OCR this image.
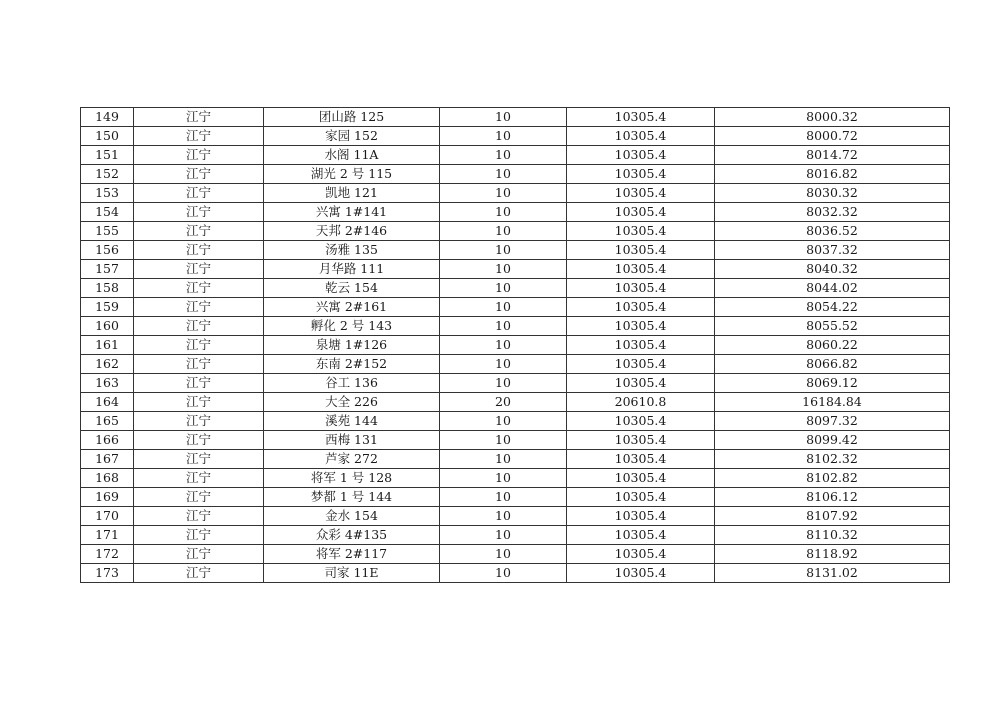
149	江宁	团山路 125	10	10305.4	8000.32
150	江宁	家园 152	10	10305.4	8000.72
151	江宁	水阁 11A	10	10305.4	8014.72
152	江宁	湖光 2 号 115	10	10305.4	8016.82
153	江宁	凯地 121	10	10305.4	8030.32
154	江宁	兴寓 1#141	10	10305.4	8032.32
155	江宁	天邦 2#146	10	10305.4	8036.52
156	江宁	汤雅 135	10	10305.4	8037.32
157	江宁	月华路 111	10	10305.4	8040.32
158	江宁	乾云 154	10	10305.4	8044.02
159	江宁	兴寓 2#161	10	10305.4	8054.22
160	江宁	孵化 2 号 143	10	10305.4	8055.52
161	江宁	泉塘 1#126	10	10305.4	8060.22
162	江宁	东南 2#152	10	10305.4	8066.82
163	江宁	谷工 136	10	10305.4	8069.12
164	江宁	大全 226	20	20610.8	16184.84
165	江宁	溪苑 144	10	10305.4	8097.32
166	江宁	西梅 131	10	10305.4	8099.42
167	江宁	芦家 272	10	10305.4	8102.32
168	江宁	将军 1 号 128	10	10305.4	8102.82
169	江宁	梦都 1 号 144	10	10305.4	8106.12
170	江宁	金水 154	10	10305.4	8107.92
171	江宁	众彩 4#135	10	10305.4	8110.32
172	江宁	将军 2#117	10	10305.4	8118.92
173	江宁	司家 11E	10	10305.4	8131.02
